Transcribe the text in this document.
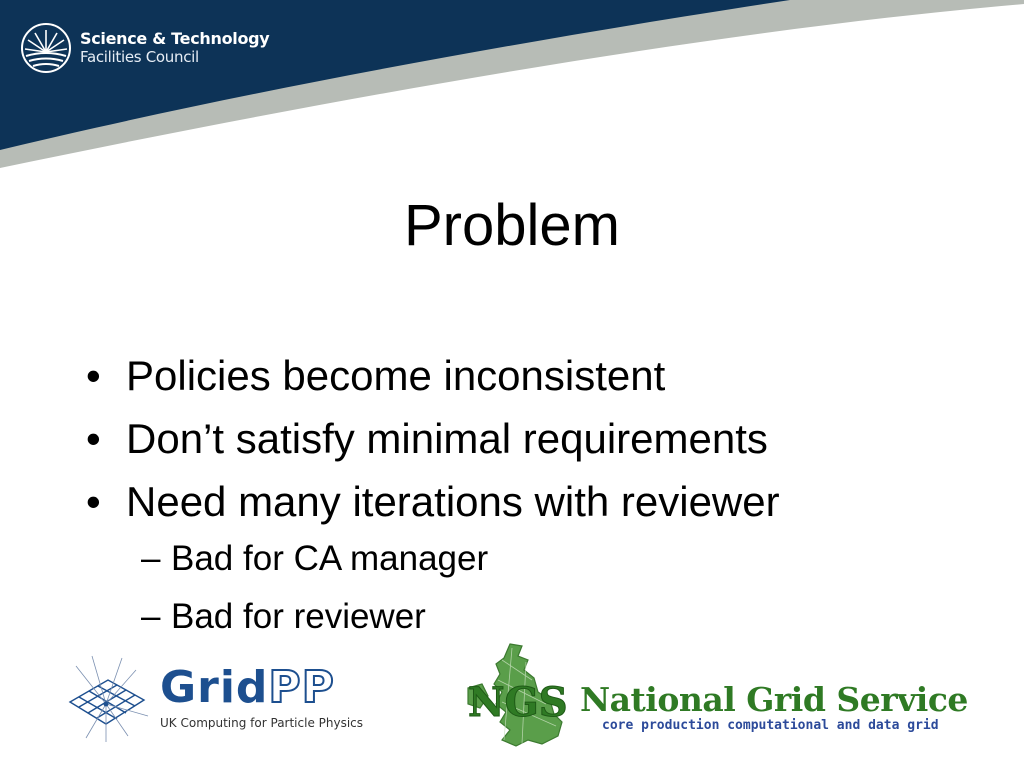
Science & Technology
Facilities Council
Problem
• Policies become inconsistent
• Don’t satisfy minimal requirements
• Need many iterations with reviewer
– Bad for CA manager
– Bad for reviewer
GridPP
UK Computing for Particle Physics	NGS National Grid Service
core production computational and data grid
